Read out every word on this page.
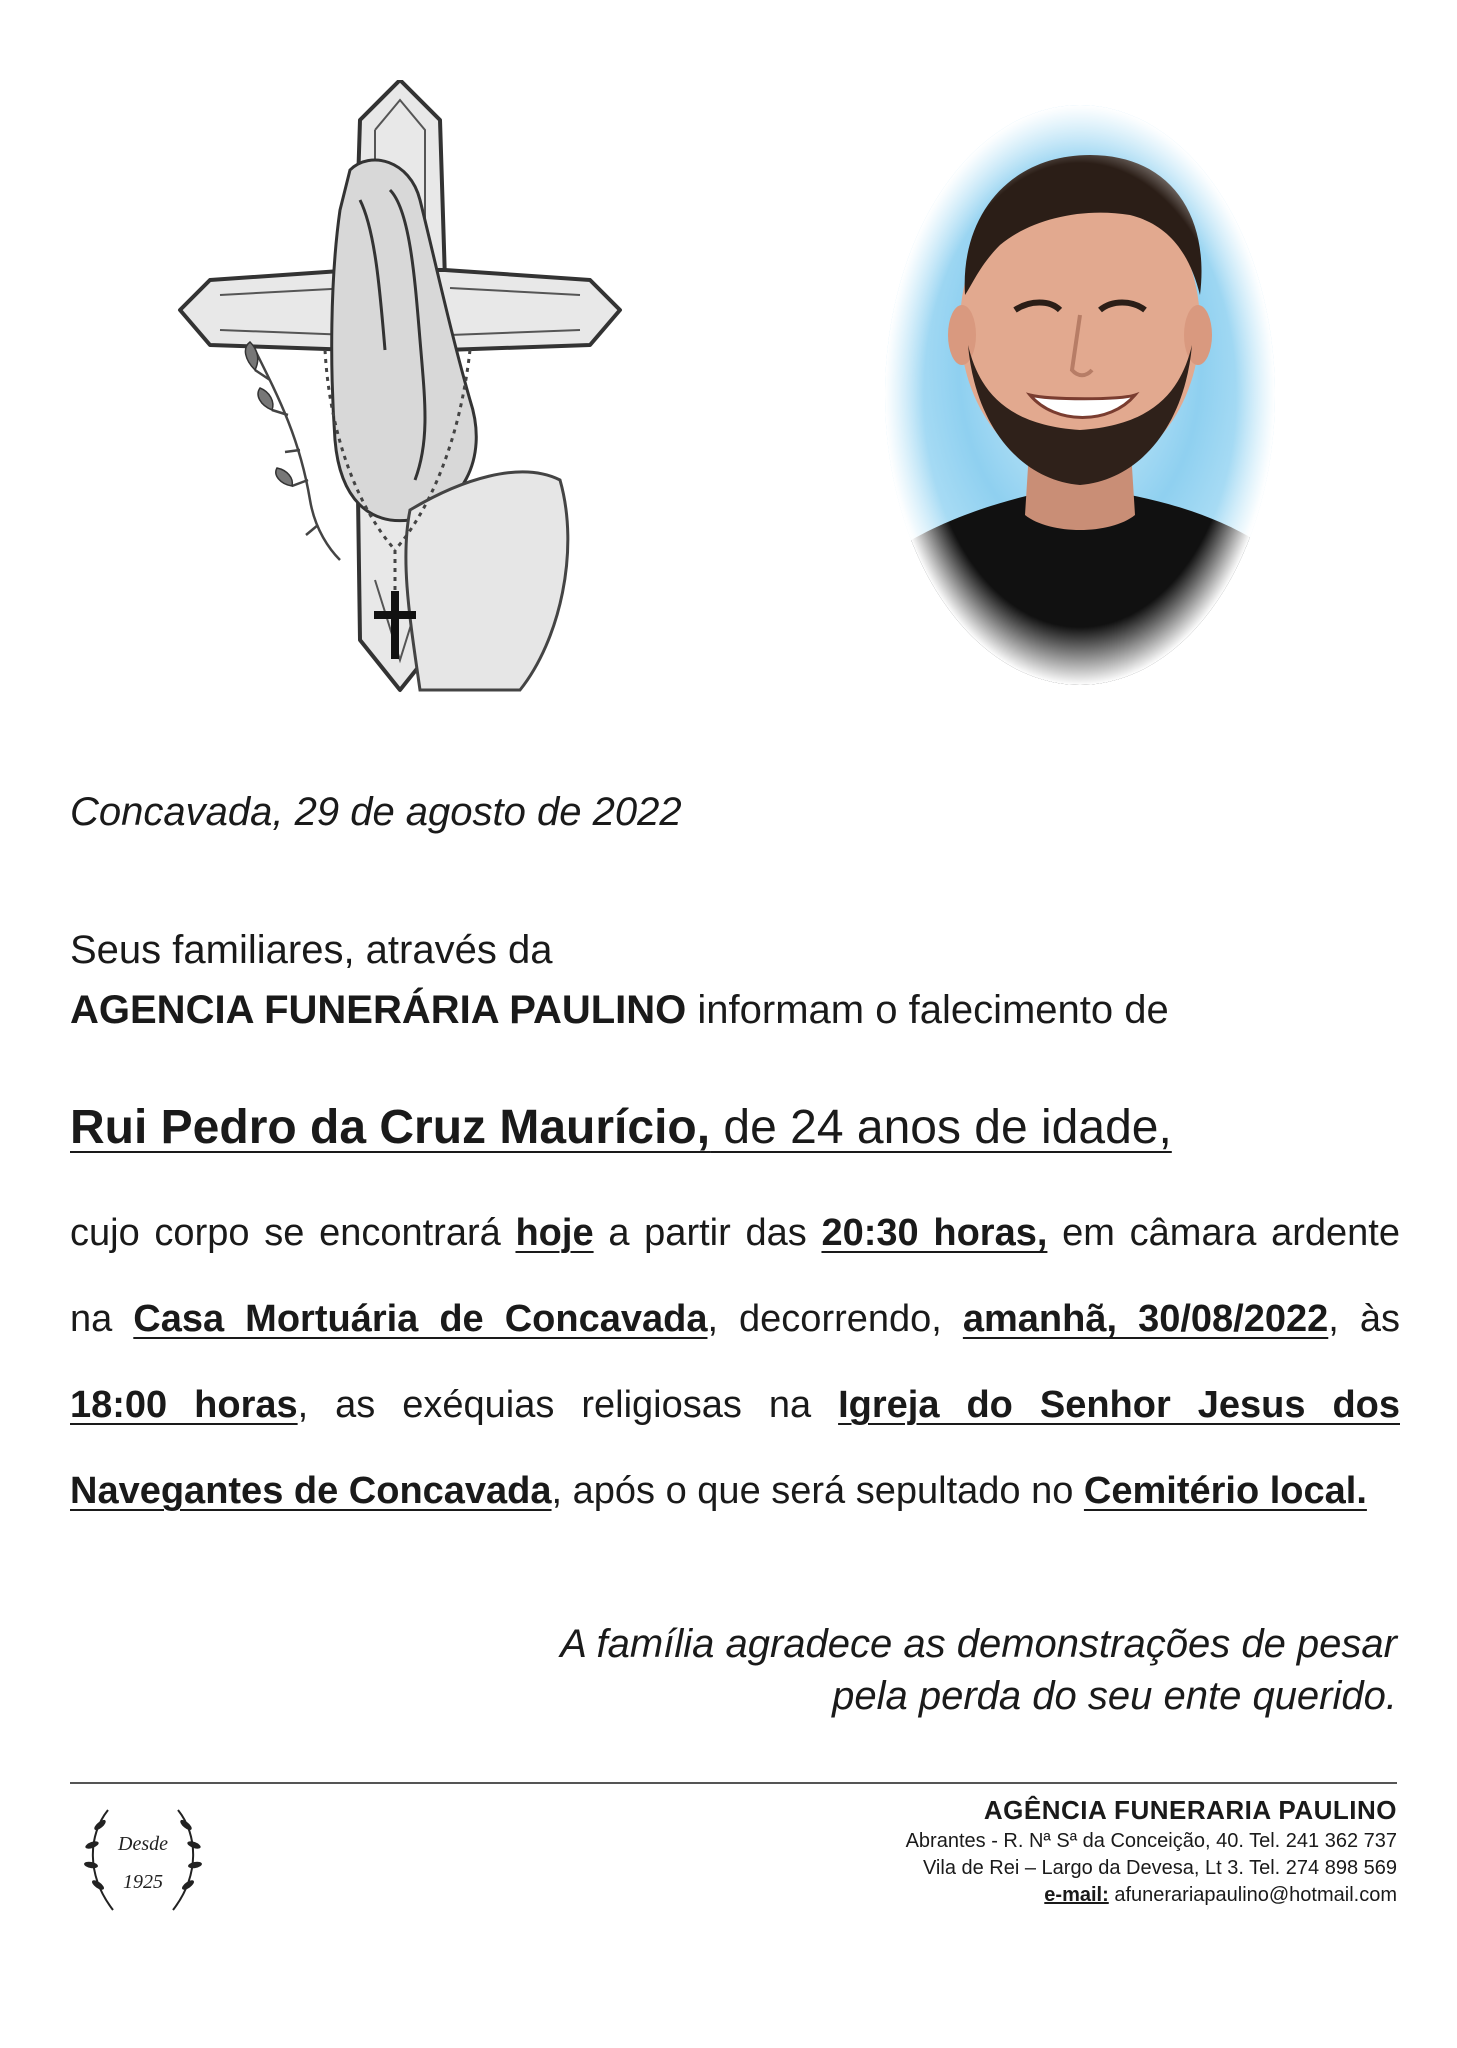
Concavada, 29 de agosto de 2022
Seus familiares, através da
AGENCIA FUNERÁRIA PAULINO informam o falecimento de
Rui Pedro da Cruz Maurício, de 24 anos de idade,
cujo corpo se encontrará hoje a partir das 20:30 horas, em câmara ardente na Casa Mortuária de Concavada, decorrendo, amanhã, 30/08/2022, às 18:00 horas, as exéquias religiosas na Igreja do Senhor Jesus dos Navegantes de Concavada, após o que será sepultado no Cemitério local.
A família agradece as demonstrações de pesar
pela perda do seu ente querido.
Desde
1925
AGÊNCIA FUNERARIA PAULINO
Abrantes - R. Nª Sª da Conceição, 40. Tel. 241 362 737
Vila de Rei – Largo da Devesa, Lt 3. Tel. 274 898 569
e-mail: afunerariapaulino@hotmail.com
